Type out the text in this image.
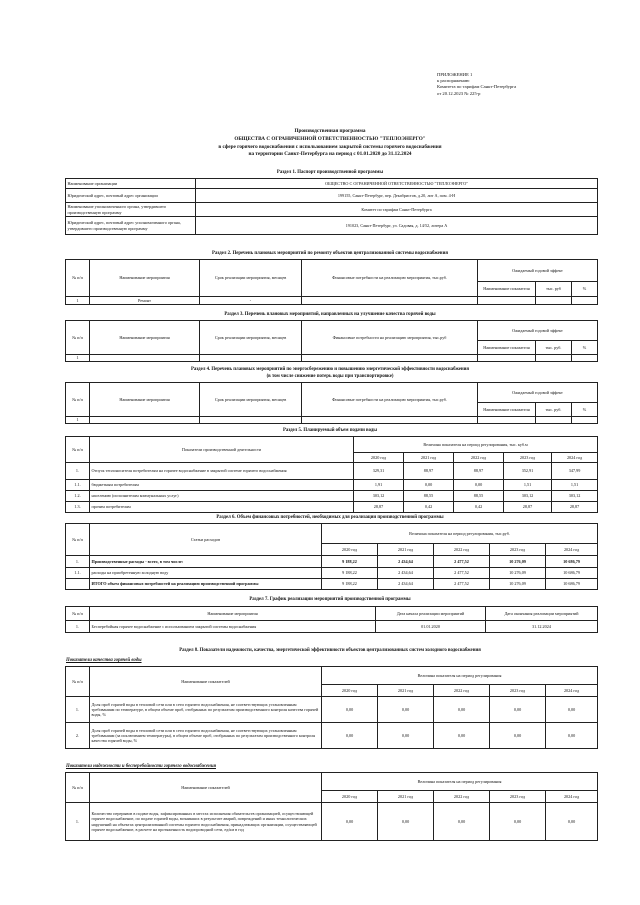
ПРИЛОЖЕНИЕ 1
к распоряжению
Комитета по тарифам Санкт-Петербурга
от 20.12.2023 № 225-р
Производственная программа
ОБЩЕСТВА С ОГРАНИЧЕННОЙ ОТВЕТСТВЕННОСТЬЮ "ТЕПЛОЭНЕРГО"
в сфере горячего водоснабжения с использованием закрытой системы горячего водоснабжения
на территории Санкт-Петербурга на период с 01.01.2020 до 31.12.2024
Раздел 1. Паспорт производственной программы
Наименование организации	ОБЩЕСТВО С ОГРАНИЧЕННОЙ ОТВЕТСТВЕННОСТЬЮ "ТЕПЛОЭНЕРГО"
Юридический адрес, почтовый адрес организации	199155, Санкт-Петербург, пер. Декабристов, д.20, лит А, пом. 4-Н
Наименование уполномоченного органа, утвердившего производственную программу	Комитет по тарифам Санкт-Петербурга
Юридический адрес, почтовый адрес уполномоченного органа, утвердившего производственную программу	191023, Санкт-Петербург, ул. Садовая, д. 14/52, литера А
Раздел 2. Перечень плановых мероприятий по ремонту объектов централизованной системы водоснабжения
№ п/п	Наименование мероприятия	Срок реализации мероприятия, месяцев	Финансовые потребности на реализацию мероприятия, тыс.руб.	Ожидаемый годовой эффект		
				Наименование показателя	тыс. руб	%
1	Ремонт	-				
Раздел 3. Перечень плановых мероприятий, направленных на улучшение качества горячей воды
№ п/п	Наименование мероприятия	Срок реализации мероприятия, месяцев	Финансовые потребности на реализацию мероприятия, тыс.руб	Ожидаемый годовой эффект		
				Наименование показателя	тыс. руб.	%
1						
Раздел 4. Перечень плановых мероприятий по энергосбережению и повышению энергетической эффективности водоснабжения
(в том числе снижение потерь воды при транспортировке)
№ п/п	Наименование мероприятия	Срок реализации мероприятия, месяцев	Финансовые потребности на реализацию мероприятия, тыс.руб.	Ожидаемый годовой эффект		
				Наименование показателя	тыс. руб.	%
1						
Раздел 5. Планируемый объем подачи воды
№ п/п	Показатели производственной деятельности	Величина показателя на период регулирования, тыс. куб.м				
		2020 год	2021 год	2022 год	2023 год	2024 год
1.	Отпуск теплоносителя потребителям на горячее водоснабжение в закрытой системе горячего водоснабжения	329,31	88,97	88,97	352,91	347,99
1.1.	бюджетным потребителям	1,91	0,00	0,00	1,51	1,51
1.2.	населению (исполнителям коммунальных услуг)	303,12	88,55	88,55	303,12	303,12
1.3.	прочим потребителям	28,87	0,42	0,42	28,87	28,87
Раздел 6. Объем финансовых потребностей, необходимых для реализации производственной программы
№ п/п	Статьи расходов	Величина показателя на период регулирования, тыс.руб.				
		2020 год	2021 год	2022 год	2023 год	2024 год
1.	Производственные расходы - всего, в том числе:	9 188,22	2 434,64	2 477,52	10 276,09	10 686,79
1.1.	расходы на приобретенную холодную воду	9 188,22	2 434,64	2 477,52	10 276,09	10 686,79
	ИТОГО объем финансовых потребностей на реализацию производственной программы	9 188,22	2 434,64	2 477,52	10 276,09	10 686,79
Раздел 7. График реализации мероприятий производственной программы
№ п/п	Наименование мероприятия	Дата начала реализации мероприятий	Дата окончания реализации мероприятий
1.	Бесперебойная горячее водоснабжение с использованием закрытой системы водоснабжения	01.01.2020	31.12.2024
Раздел 8. Показатели надежности, качества, энергетической эффективности объектов централизованных систем холодного водоснабжения
Показатели качества горячей воды
№ п/п	Наименование показателей	Величина показателя на период регулирования				
		2020 год	2021 год	2022 год	2023 год	2024 год
1.	Доля проб горячей воды в тепловой сети или в сети горячего водоснабжения, не соответствующих установленным требованиям по температуре, в общем объеме проб, отобранных по результатам производственного контроля качества горячей воды, %	0,00	0,00	0,00	0,00	0,00
2.	Доля проб горячей воды в тепловой сети или в сети горячего водоснабжения, не соответствующих установленным требованиям (за исключением температуры), в общем объеме проб, отобранных по результатам производственного контроля качества горячей воды, %	0,00	0,00	0,00	0,00	0,00
Показатели надежности и бесперебойности горячего водоснабжения
№ п/п	Наименование показателей	Величина показателя на период регулирования				
		2020 год	2021 год	2022 год	2023 год	2024 год
1.	Количество перерывов в подаче воды, зафиксированных в местах исполнения обязательств организацией, осуществляющей горячее водоснабжение, по подаче горячей воды, возникших в результате аварий, повреждений и иных технологических нарушений на объектах централизованной системы горячего водоснабжения, принадлежащих организации, осуществляющей горячее водоснабжение, в расчете на протяженность водопроводной сети, ед/км в год	0,00	0,00	0,00	0,00	0,00
